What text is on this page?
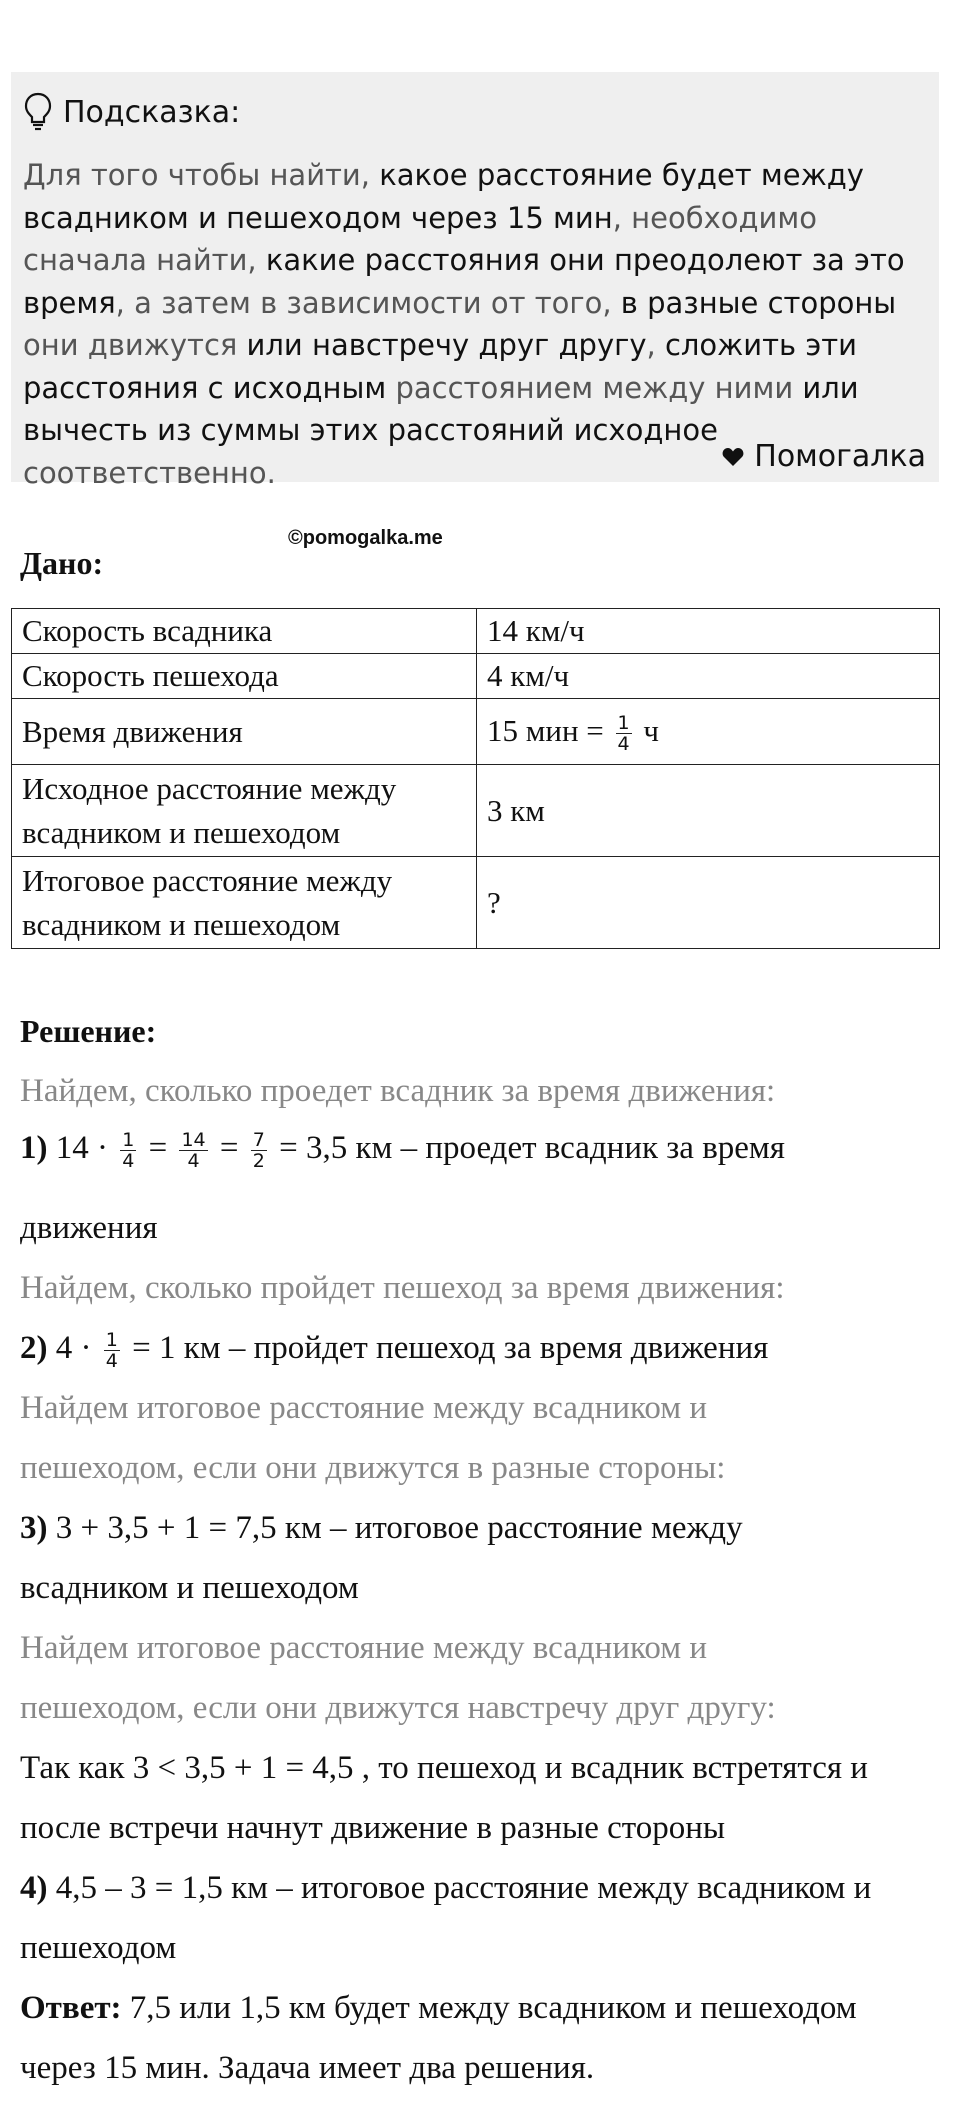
Подсказка:
Для того чтобы найти, какое расстояние будет между всадником и пешеходом через 15 мин, необходимо сначала найти, какие расстояния они преодолеют за это время, а затем в зависимости от того, в разные стороны они движутся или навстречу друг другу, сложить эти расстояния с исходным расстоянием между ними или вычесть из суммы этих расстояний исходное соответственно.	Помогалка
©pomogalka.me
Дано:
Скорость всадника	14 км/ч
Скорость пешехода	4 км/ч
Время движения	15 мин = $\frac{1}{4}$ ч
Исходное расстояние между всадником и пешеходом	3 км
Итоговое расстояние между всадником и пешеходом	?
Решение:
Найдем, сколько проедет всадник за время движения:
1) $14 \cdot \frac{1}{4} = \frac{14}{4} = \frac{7}{2} = 3,5$ км – проедет всадник за время
движения
Найдем, сколько пройдет пешеход за время движения:
2) $4 \cdot \frac{1}{4} = 1$ км – пройдет пешеход за время движения
Найдем итоговое расстояние между всадником и
пешеходом, если они движутся в разные стороны:
3) 3 + 3,5 + 1 = 7,5 км – итоговое расстояние между
всадником и пешеходом
Найдем итоговое расстояние между всадником и
пешеходом, если они движутся навстречу друг другу:
Так как 3 < 3,5 + 1 = 4,5 , то пешеход и всадник встретятся и
после встречи начнут движение в разные стороны
4) 4,5 – 3 = 1,5 км – итоговое расстояние между всадником и
пешеходом
Ответ: 7,5 или 1,5 км будет между всадником и пешеходом
через 15 мин. Задача имеет два решения.
